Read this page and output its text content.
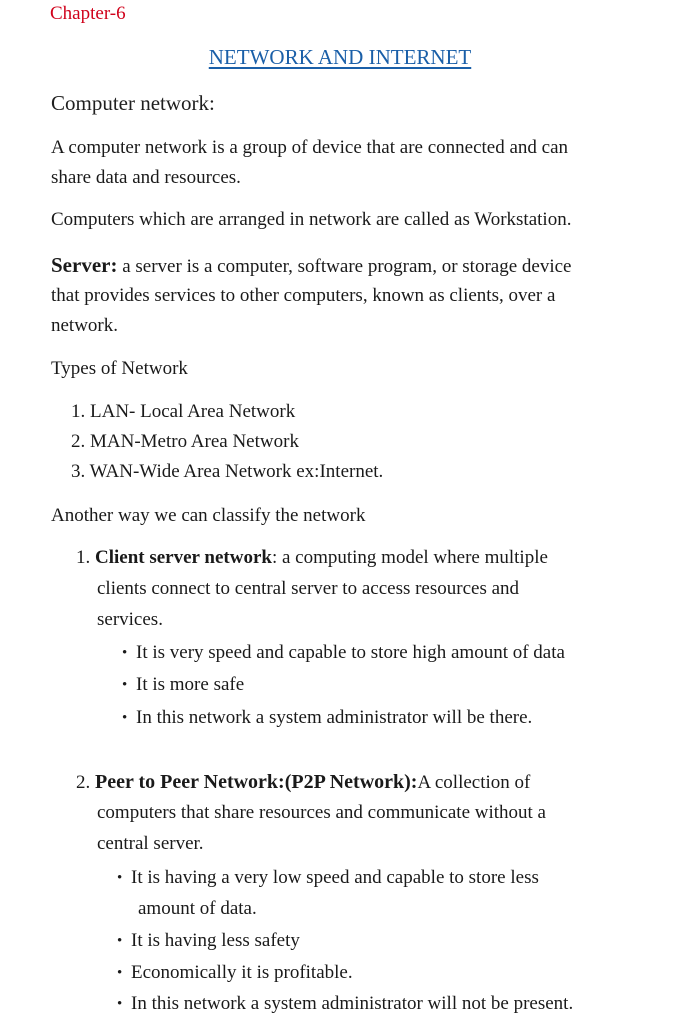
Chapter-6
NETWORK AND INTERNET
Computer network:
A computer network is a group of device that are connected and can
share data and resources.
Computers which are arranged in network are called as Workstation.
Server: a server is a computer, software program, or storage device
that provides services to other computers, known as clients, over a
network.
Types of Network
1. LAN- Local Area Network
2. MAN-Metro Area Network
3. WAN-Wide Area Network ex:Internet.
Another way we can classify the network
1. Client server network: a computing model where multiple
clients connect to central server to access resources and
services.
• It is very speed and capable to store high amount of data
• It is more safe
• In this network a system administrator will be there.
2. Peer to Peer Network:(P2P Network):A collection of
computers that share resources and communicate without a
central server.
• It is having a very low speed and capable to store less
amount of data.
• It is having less safety
• Economically it is profitable.
• In this network a system administrator will not be present.
